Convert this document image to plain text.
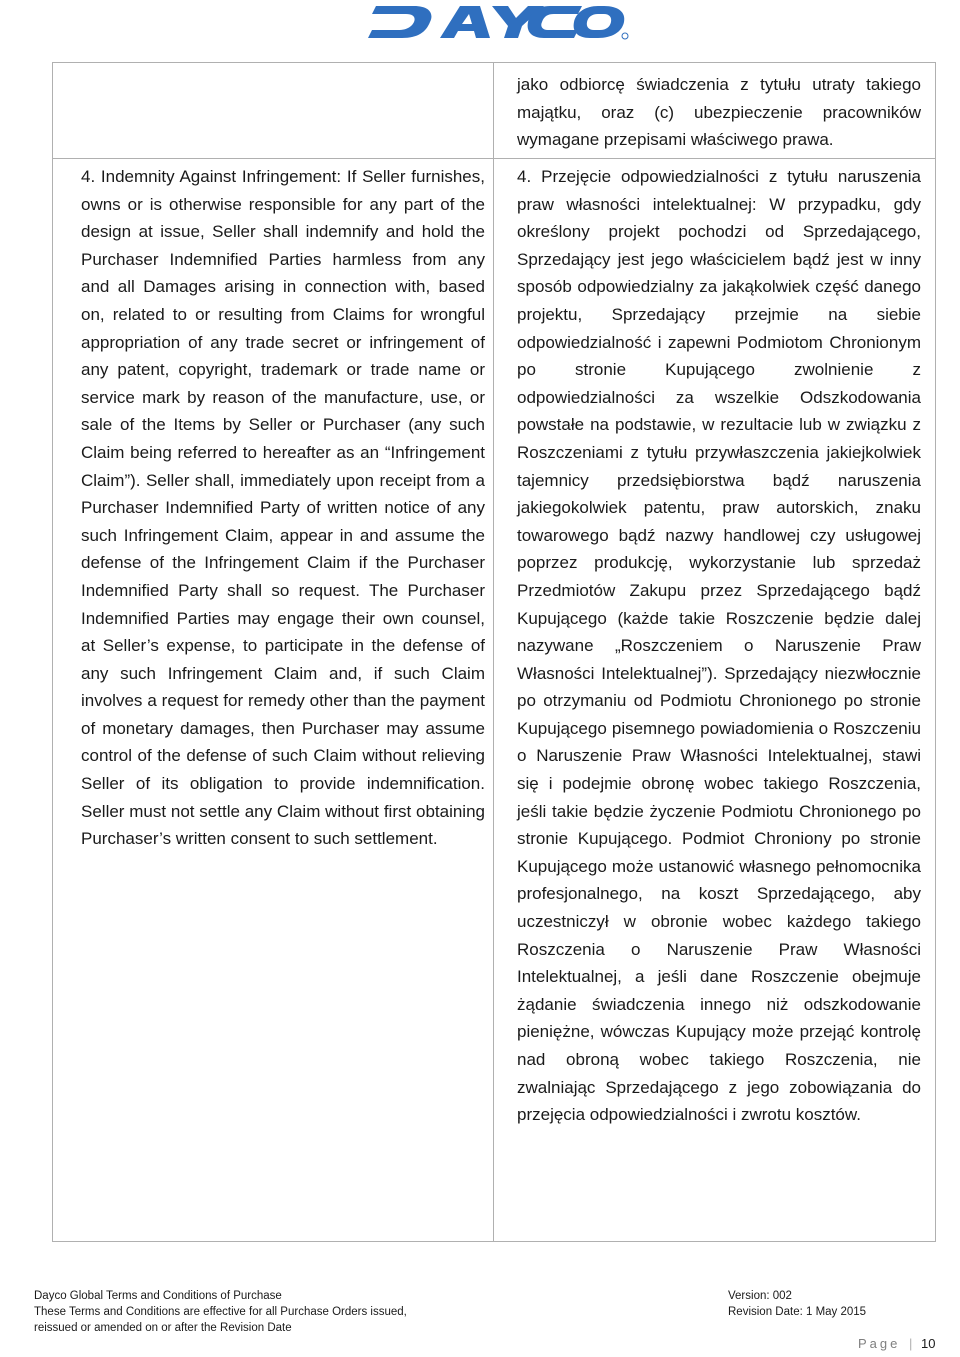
jako odbiorcę świadczenia z tytułu utraty takiego majątku, oraz (c) ubezpieczenie pracowników wymagane przepisami właściwego prawa.

4. Indemnity Against Infringement: If Seller furnishes, owns or is otherwise responsible for any part of the design at issue, Seller shall indemnify and hold the Purchaser Indemnified Parties harmless from any and all Damages arising in connection with, based on, related to or resulting from Claims for wrongful appropriation of any trade secret or infringement of any patent, copyright, trademark or trade name or service mark by reason of the manufacture, use, or sale of the Items by Seller or Purchaser (any such Claim being referred to hereafter as an “Infringement Claim”). Seller shall, immediately upon receipt from a Purchaser Indemnified Party of written notice of any such Infringement Claim, appear in and assume the defense of the Infringement Claim if the Purchaser Indemnified Party shall so request. The Purchaser Indemnified Parties may engage their own counsel, at Seller’s expense, to participate in the defense of any such Infringement Claim and, if such Claim involves a request for remedy other than the payment of monetary damages, then Purchaser may assume control of the defense of such Claim without relieving Seller of its obligation to provide indemnification. Seller must not settle any Claim without first obtaining Purchaser’s written consent to such settlement.

4. Przejęcie odpowiedzialności z tytułu naruszenia praw własności intelektualnej: W przypadku, gdy określony projekt pochodzi od Sprzedającego, Sprzedający jest jego właścicielem bądź jest w inny sposób odpowiedzialny za jakąkolwiek część danego projektu, Sprzedający przejmie na siebie odpowiedzialność i zapewni Podmiotom Chronionym po stronie Kupującego zwolnienie z odpowiedzialności za wszelkie Odszkodowania powstałe na podstawie, w rezultacie lub w związku z Roszczeniami z tytułu przywłaszczenia jakiejkolwiek tajemnicy przedsiębiorstwa bądź naruszenia jakiegokolwiek patentu, praw autorskich, znaku towarowego bądź nazwy handlowej czy usługowej poprzez produkcję, wykorzystanie lub sprzedaż Przedmiotów Zakupu przez Sprzedającego bądź Kupującego (każde takie Roszczenie będzie dalej nazywane „Roszczeniem o Naruszenie Praw Własności Intelektualnej”). Sprzedający niezwłocznie po otrzymaniu od Podmiotu Chronionego po stronie Kupującego pisemnego powiadomienia o Roszczeniu o Naruszenie Praw Własności Intelektualnej, stawi się i podejmie obronę wobec takiego Roszczenia, jeśli takie będzie życzenie Podmiotu Chronionego po stronie Kupującego. Podmiot Chroniony po stronie Kupującego może ustanowić własnego pełnomocnika profesjonalnego, na koszt Sprzedającego, aby uczestniczył w obronie wobec każdego takiego Roszczenia o Naruszenie Praw Własności Intelektualnej, a jeśli dane Roszczenie obejmuje żądanie świadczenia innego niż odszkodowanie pieniężne, wówczas Kupujący może przejąć kontrolę nad obroną wobec takiego Roszczenia, nie zwalniając Sprzedającego z jego zobowiązania do przejęcia odpowiedzialności i zwrotu kosztów.

Dayco Global Terms and Conditions of Purchase
These Terms and Conditions are effective for all Purchase Orders issued,
reissued or amended on or after the Revision Date
Version: 002
Revision Date: 1 May 2015
Page | 10
